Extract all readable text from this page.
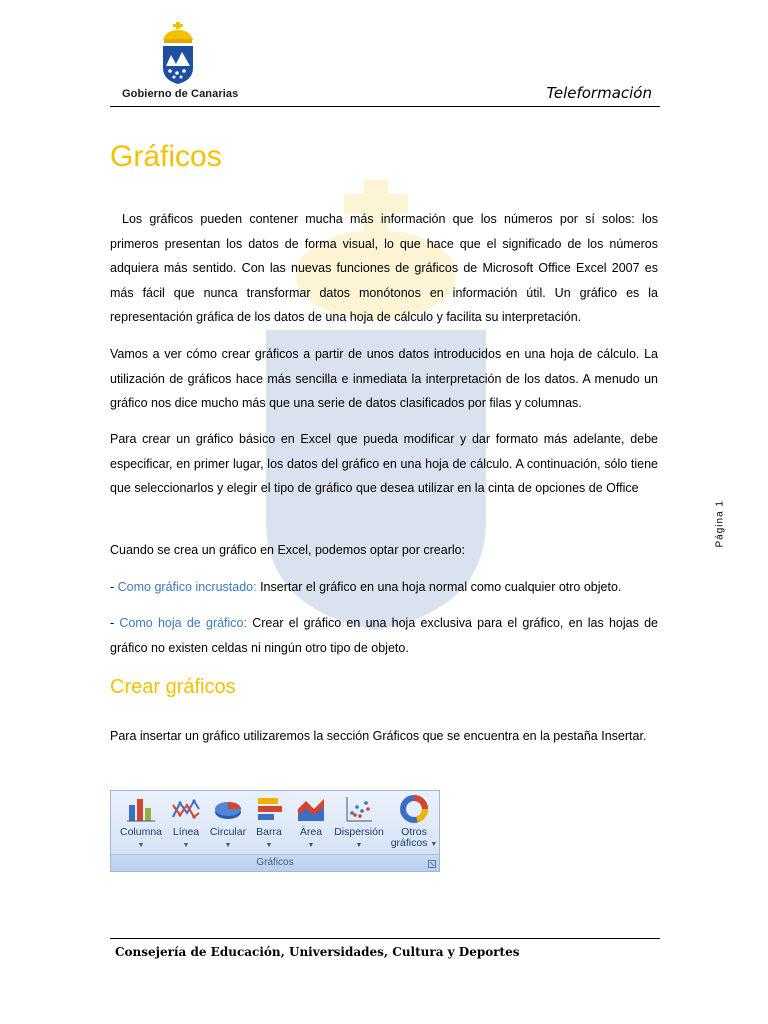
Gobierno de Canarias	Teleformación
Gráficos

Los gráficos pueden contener mucha más información que los números por sí solos: los primeros presentan los datos de forma visual, lo que hace que el significado de los números adquiera más sentido. Con las nuevas funciones de gráficos de Microsoft Office Excel 2007 es más fácil que nunca transformar datos monótonos en información útil. Un gráfico es la representación gráfica de los datos de una hoja de cálculo y facilita su interpretación.

Vamos a ver cómo crear gráficos a partir de unos datos introducidos en una hoja de cálculo. La utilización de gráficos hace más sencilla e inmediata la interpretación de los datos. A menudo un gráfico nos dice mucho más que una serie de datos clasificados por filas y columnas.

Para crear un gráfico básico en Excel que pueda modificar y dar formato más adelante, debe especificar, en primer lugar, los datos del gráfico en una hoja de cálculo. A continuación, sólo tiene que seleccionarlos y elegir el tipo de gráfico que desea utilizar en la cinta de opciones de Office

Cuando se crea un gráfico en Excel, podemos optar por crearlo:

- Como gráfico incrustado: Insertar el gráfico en una hoja normal como cualquier otro objeto.

- Como hoja de gráfico: Crear el gráfico en una hoja exclusiva para el gráfico, en las hojas de gráfico no existen celdas ni ningún otro tipo de objeto.

Crear gráficos

Para insertar un gráfico utilizaremos la sección Gráficos que se encuentra en la pestaña Insertar.

Columna
▼
Línea
▼
Circular
▼
Barra
▼
Área
▼
Dispersión
▼
Otros
gráficos ▼
Gráficos
Página 1
Consejería de Educación, Universidades, Cultura y Deportes
